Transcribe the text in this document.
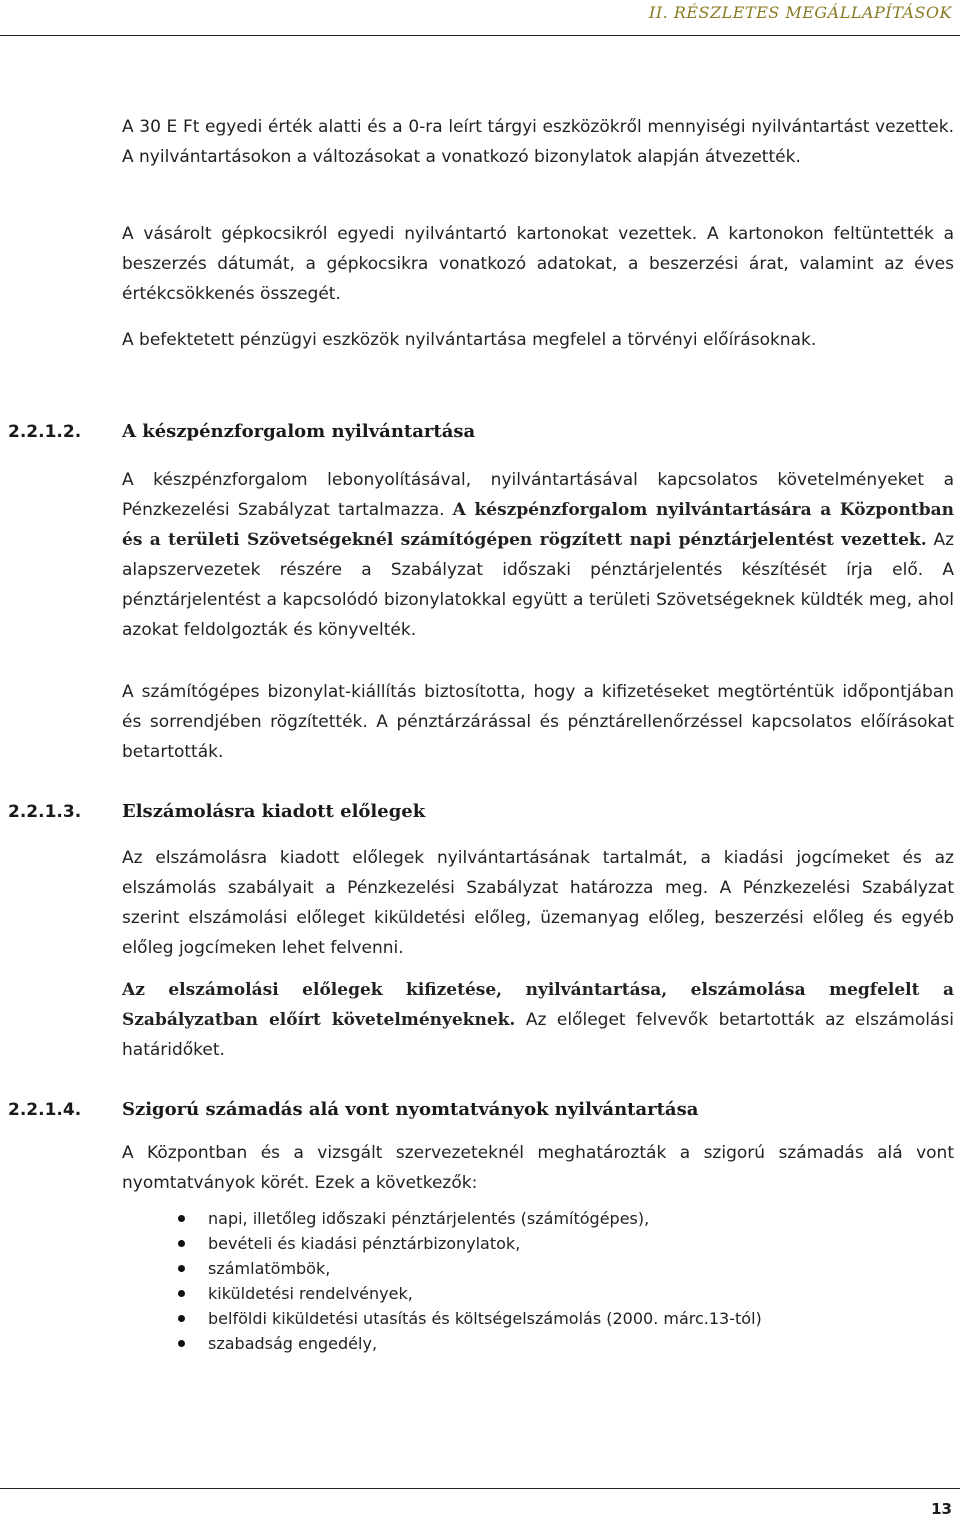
II. RÉSZLETES MEGÁLLAPÍTÁSOK

A 30 E Ft egyedi érték alatti és a 0-ra leírt tárgyi eszközökről mennyiségi nyilvántartást vezettek. A nyilvántartásokon a változásokat a vonatkozó bizonylatok alapján átvezették.

A vásárolt gépkocsikról egyedi nyilvántartó kartonokat vezettek. A kartonokon feltüntették a beszerzés dátumát, a gépkocsikra vonatkozó adatokat, a beszerzési árat, valamint az éves értékcsökkenés összegét.

A befektetett pénzügyi eszközök nyilvántartása megfelel a törvényi előírásoknak.

2.2.1.2. A készpénzforgalom nyilvántartása

A készpénzforgalom lebonyolításával, nyilvántartásával kapcsolatos követelményeket a Pénzkezelési Szabályzat tartalmazza. A készpénzforgalom nyilvántartására a Központban és a területi Szövetségeknél számítógépen rögzített napi pénztárjelentést vezettek. Az alapszervezetek részére a Szabályzat időszaki pénztárjelentés készítését írja elő. A pénztárjelentést a kapcsolódó bizonylatokkal együtt a területi Szövetségeknek küldték meg, ahol azokat feldolgozták és könyvelték.

A számítógépes bizonylat-kiállítás biztosította, hogy a kifizetéseket megtörténtük időpontjában és sorrendjében rögzítették. A pénztárzárással és pénztárellenőrzéssel kapcsolatos előírásokat betartották.

2.2.1.3. Elszámolásra kiadott előlegek

Az elszámolásra kiadott előlegek nyilvántartásának tartalmát, a kiadási jogcímeket és az elszámolás szabályait a Pénzkezelési Szabályzat határozza meg. A Pénzkezelési Szabályzat szerint elszámolási előleget kiküldetési előleg, üzemanyag előleg, beszerzési előleg és egyéb előleg jogcímeken lehet felvenni.

Az elszámolási előlegek kifizetése, nyilvántartása, elszámolása megfelelt a Szabályzatban előírt követelményeknek. Az előleget felvevők betartották az elszámolási határidőket.

2.2.1.4. Szigorú számadás alá vont nyomtatványok nyilvántartása

A Központban és a vizsgált szervezeteknél meghatározták a szigorú számadás alá vont nyomtatványok körét. Ezek a következők:

napi, illetőleg időszaki pénztárjelentés (számítógépes),
bevételi és kiadási pénztárbizonylatok,
számlatömbök,
kiküldetési rendelvények,
belföldi kiküldetési utasítás és költségelszámolás (2000. márc.13-tól)
szabadság engedély,
13
